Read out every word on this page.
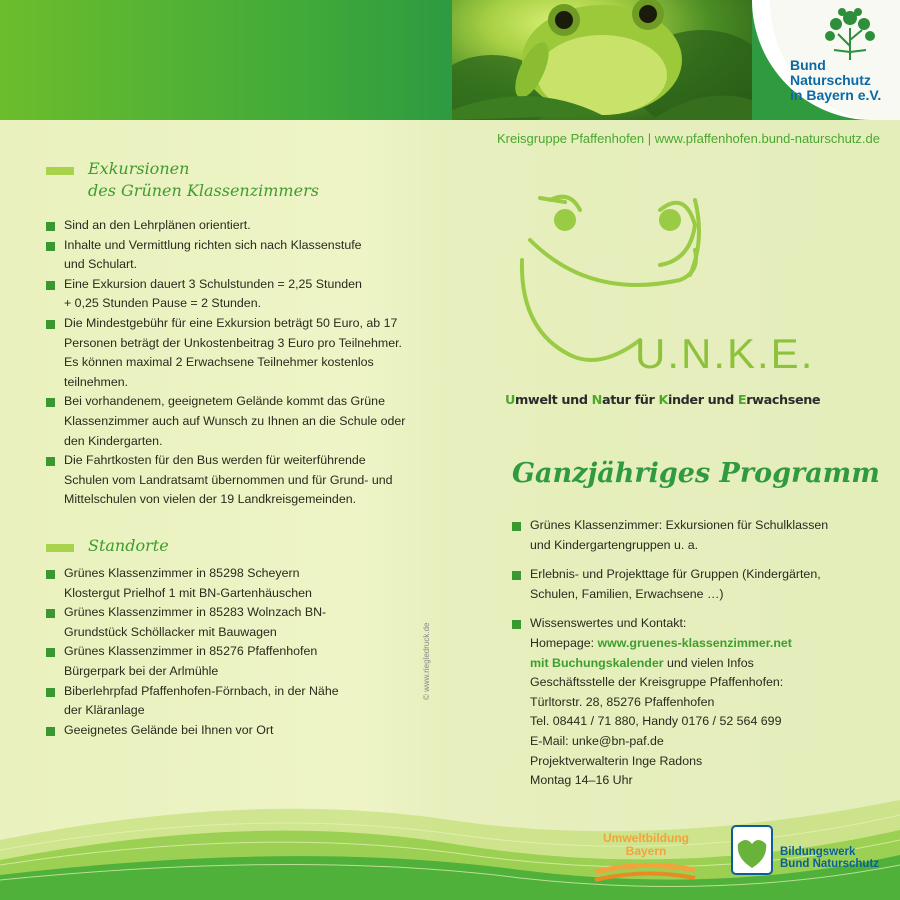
Bund
Naturschutz
in Bayern e.V.
Kreisgruppe Pfaffenhofen | www.pfaffenhofen.bund-naturschutz.de
Exkursionen
des Grünen Klassenzimmers
Sind an den Lehrplänen orientiert.
Inhalte und Vermittlung richten sich nach Klassenstufe und Schulart.
Eine Exkursion dauert 3 Schulstunden = 2,25 Stunden + 0,25 Stunden Pause = 2 Stunden.
Die Mindestgebühr für eine Exkursion beträgt 50 Euro, ab 17 Personen beträgt der Unkostenbeitrag 3 Euro pro Teilnehmer. Es können maximal 2 Erwachsene Teilnehmer kostenlos teilnehmen.
Bei vorhandenem, geeignetem Gelände kommt das Grüne Klassenzimmer auch auf Wunsch zu Ihnen an die Schule oder den Kindergarten.
Die Fahrtkosten für den Bus werden für weiterführende Schulen vom Landratsamt übernommen und für Grund- und Mittelschulen von vielen der 19 Landkreisgemeinden.
Standorte
Grünes Klassenzimmer in 85298 Scheyern Klostergut Prielhof 1 mit BN-Gartenhäuschen
Grünes Klassenzimmer in 85283 Wolnzach BN-Grundstück Schöllacker mit Bauwagen
Grünes Klassenzimmer in 85276 Pfaffenhofen Bürgerpark bei der Arlmühle
Biberlehrpfad Pfaffenhofen-Förnbach, in der Nähe der Kläranlage
Geeignetes Gelände bei Ihnen vor Ort
© www.riegledruck.de
U.N.K.E.
Umwelt und Natur für Kinder und Erwachsene
Ganzjähriges Programm
Grünes Klassenzimmer: Exkursionen für Schulklassen und Kindergartengruppen u. a.
Erlebnis- und Projekttage für Gruppen (Kindergärten, Schulen, Familien, Erwachsene …)
Wissenswertes und Kontakt:
Homepage: www.gruenes-klassenzimmer.net
mit Buchungskalender und vielen Infos
Geschäftsstelle der Kreisgruppe Pfaffenhofen:
Türltorstr. 28, 85276 Pfaffenhofen
Tel. 08441 / 71 880, Handy 0176 / 52 564 699
E-Mail: unke@bn-paf.de
Projektverwalterin Inge Radons
Montag 14–16 Uhr
Umweltbildung
Bayern	Bildungswerk
Bund Naturschutz
